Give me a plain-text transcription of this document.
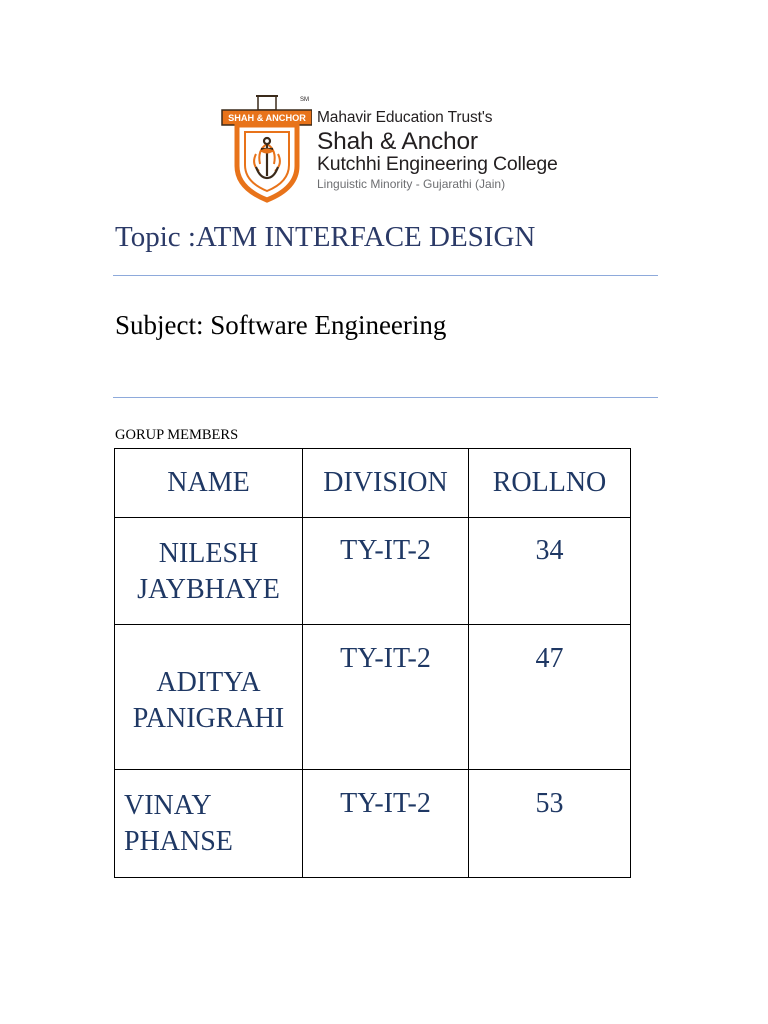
SM
SHAH & ANCHOR Mahavir Education Trust's
Shah & Anchor
Kutchhi Engineering College
Linguistic Minority - Gujarathi (Jain)
Topic :ATM INTERFACE DESIGN
Subject: Software Engineering
GORUP MEMBERS
NAME	DIVISION	ROLLNO

NILESH
JAYBHAYE	TY-IT-2	34

ADITYA
PANIGRAHI	TY-IT-2	47

VINAY
PHANSE	TY-IT-2	53
